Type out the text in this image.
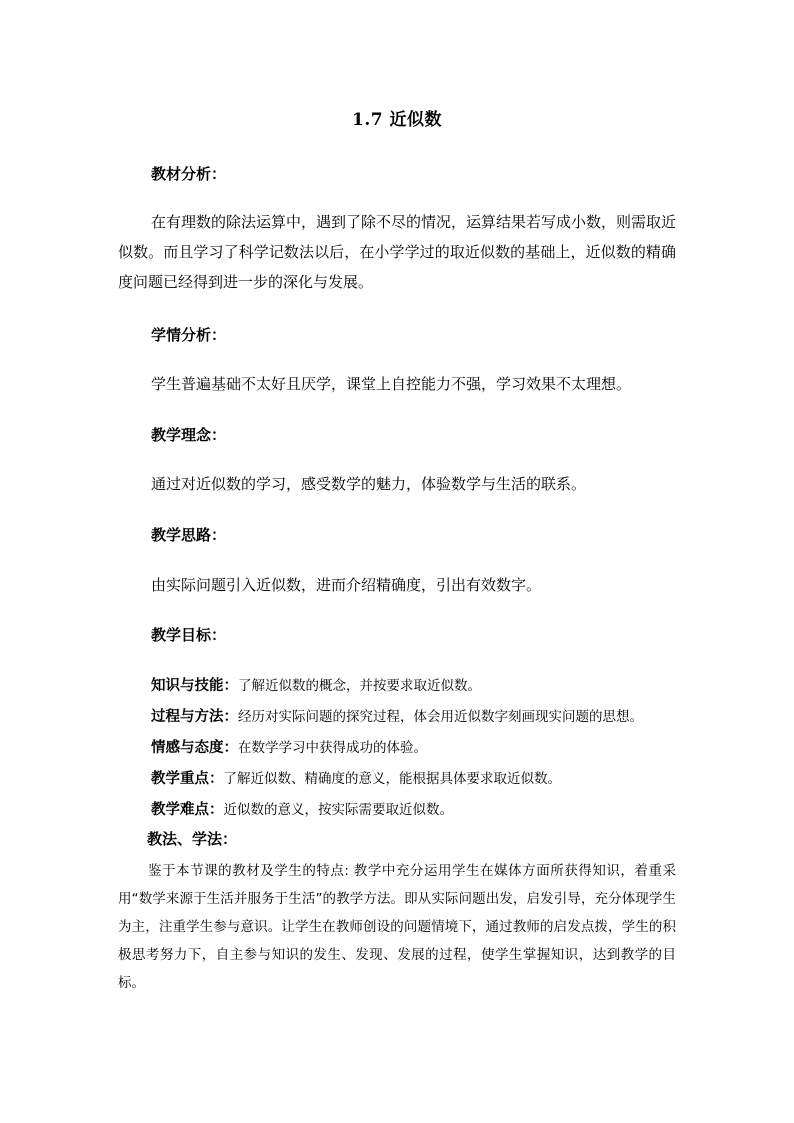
1.7 近似数
教材分析：
在有理数的除法运算中，遇到了除不尽的情况，运算结果若写成小数，则需取近似数。而且学习了科学记数法以后，在小学学过的取近似数的基础上，近似数的精确度问题已经得到进一步的深化与发展。
学情分析：
学生普遍基础不太好且厌学，课堂上自控能力不强，学习效果不太理想。
教学理念：
通过对近似数的学习，感受数学的魅力，体验数学与生活的联系。
教学思路：
由实际问题引入近似数，进而介绍精确度，引出有效数字。
教学目标：
知识与技能：了解近似数的概念，并按要求取近似数。
过程与方法：经历对实际问题的探究过程，体会用近似数字刻画现实问题的思想。
情感与态度：在数学学习中获得成功的体验。
教学重点：了解近似数、精确度的意义，能根据具体要求取近似数。
教学难点：近似数的意义，按实际需要取近似数。
教法、学法：
鉴于本节课的教材及学生的特点: 教学中充分运用学生在媒体方面所获得知识，着重采用“数学来源于生活并服务于生活”的教学方法。即从实际问题出发，启发引导，充分体现学生为主，注重学生参与意识。让学生在教师创设的问题情境下，通过教师的启发点拨，学生的积极思考努力下，自主参与知识的发生、发现、发展的过程，使学生掌握知识，达到教学的目标。
